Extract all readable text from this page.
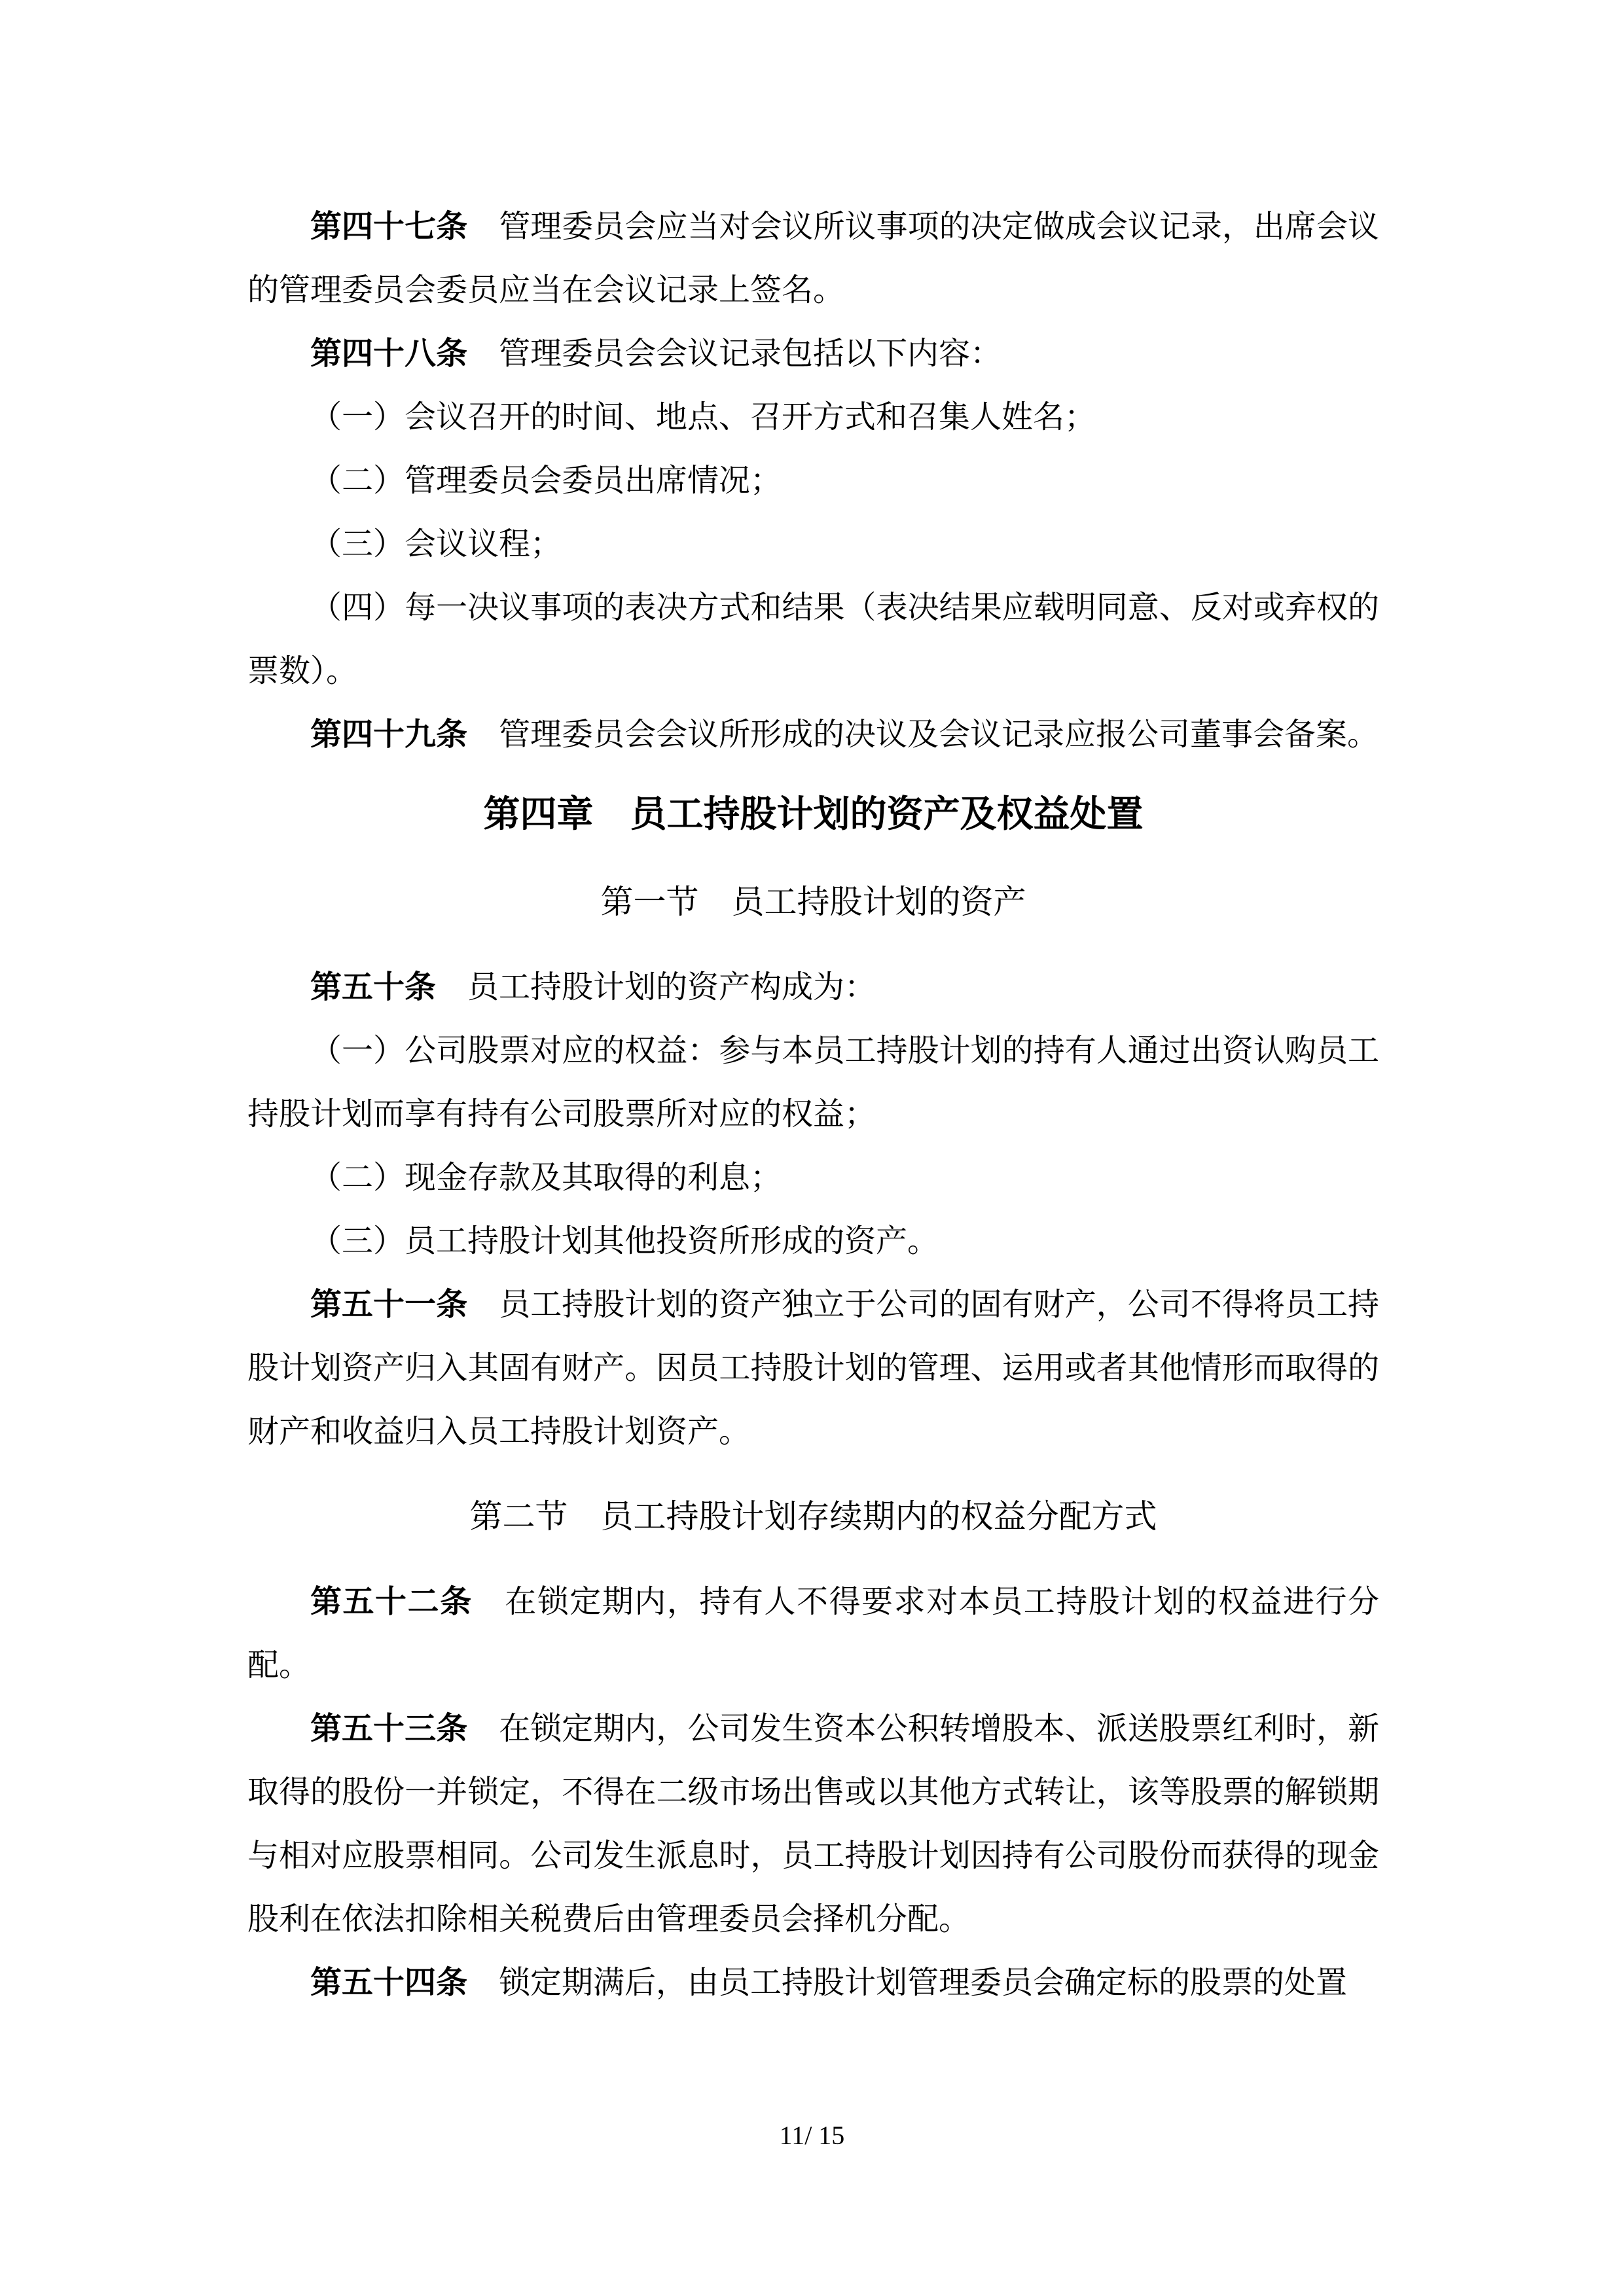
第四十七条　 管理委员会应当对会议所议事项的决定做成会议记录，出席会议的管理委员会委员应当在会议记录上签名。

第四十八条　 管理委员会会议记录包括以下内容：

（一）会议召开的时间、地点、召开方式和召集人姓名；

（二）管理委员会委员出席情况；

（三）会议议程；

（四）每一决议事项的表决方式和结果（表决结果应载明同意、反对或弃权的票数）。

第四十九条　 管理委员会会议所形成的决议及会议记录应报公司董事会备案。

第四章　员工持股计划的资产及权益处置
第一节　员工持股计划的资产

第五十条　 员工持股计划的资产构成为：

（一）公司股票对应的权益：参与本员工持股计划的持有人通过出资认购员工持股计划而享有持有公司股票所对应的权益；

（二）现金存款及其取得的利息；

（三）员工持股计划其他投资所形成的资产。

第五十一条　 员工持股计划的资产独立于公司的固有财产，公司不得将员工持股计划资产归入其固有财产。因员工持股计划的管理、运用或者其他情形而取得的财产和收益归入员工持股计划资产。

第二节　员工持股计划存续期内的权益分配方式

第五十二条　 在锁定期内，持有人不得要求对本员工持股计划的权益进行分配。

第五十三条　 在锁定期内，公司发生资本公积转增股本、派送股票红利时，新取得的股份一并锁定，不得在二级市场出售或以其他方式转让，该等股票的解锁期与相对应股票相同。公司发生派息时，员工持股计划因持有公司股份而获得的现金股利在依法扣除相关税费后由管理委员会择机分配。

第五十四条　 锁定期满后，由员工持股计划管理委员会确定标的股票的处置

11/ 15
